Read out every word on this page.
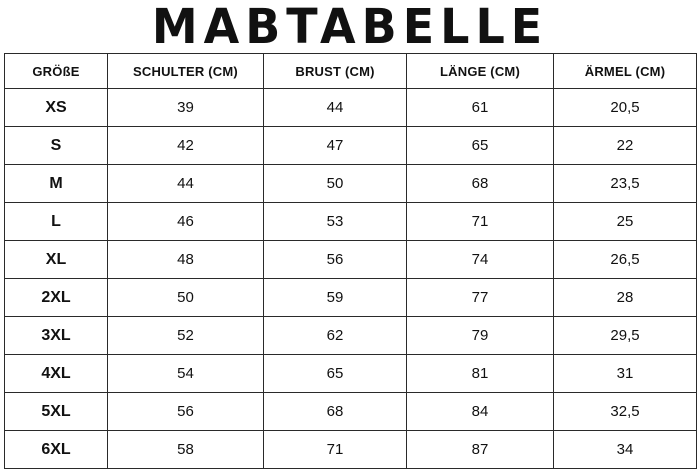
MABTABELLE
GRÖßE	SCHULTER (CM)	BRUST (CM)	LÄNGE (CM)	ÄRMEL (CM)
XS	39	44	61	20,5
S	42	47	65	22
M	44	50	68	23,5
L	46	53	71	25
XL	48	56	74	26,5
2XL	50	59	77	28
3XL	52	62	79	29,5
4XL	54	65	81	31
5XL	56	68	84	32,5
6XL	58	71	87	34
